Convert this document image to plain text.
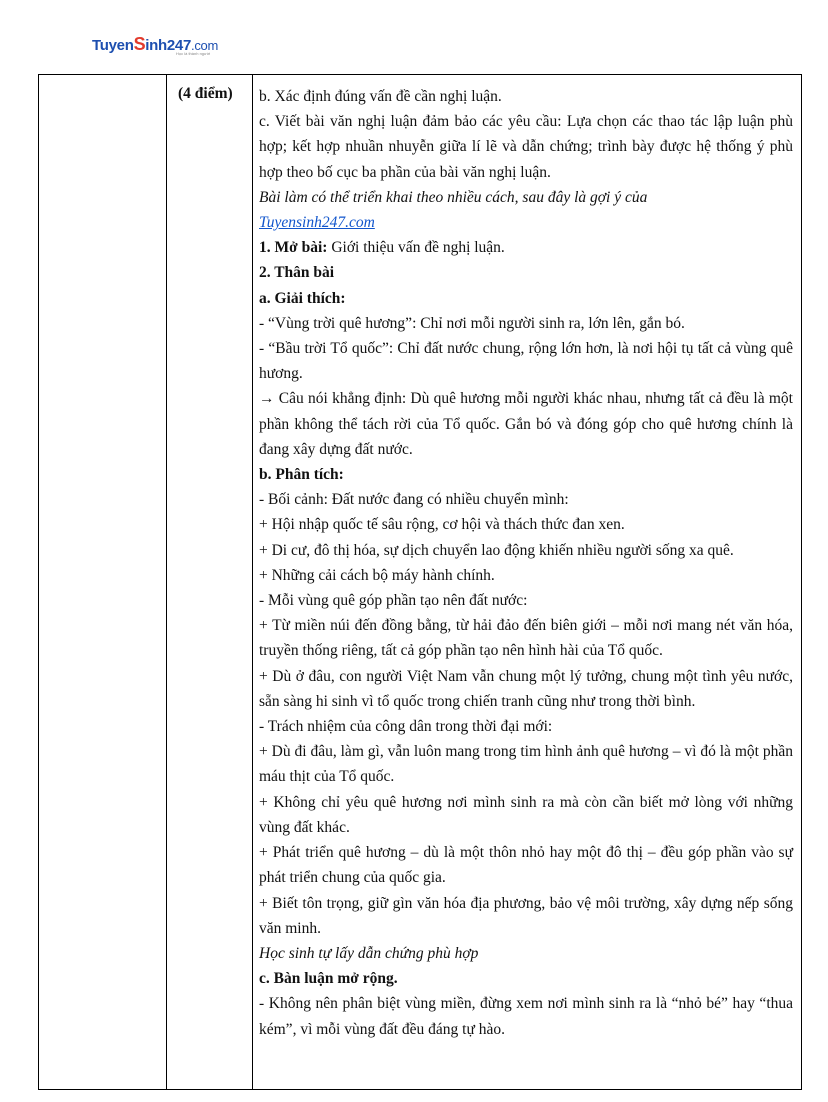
TuyenSinh247.com
Học là thành người

(4 điểm)	b. Xác định đúng vấn đề cần nghị luận.

c. Viết bài văn nghị luận đảm bảo các yêu cầu: Lựa chọn các thao tác lập luận phù hợp; kết hợp nhuần nhuyễn giữa lí lẽ và dẫn chứng; trình bày được hệ thống ý phù hợp theo bố cục ba phần của bài văn nghị luận.

Bài làm có thể triển khai theo nhiều cách, sau đây là gợi ý của

Tuyensinh247.com

1. Mở bài: Giới thiệu vấn đề nghị luận.

2. Thân bài

a. Giải thích:

- “Vùng trời quê hương”: Chỉ nơi mỗi người sinh ra, lớn lên, gắn bó.

- “Bầu trời Tổ quốc”: Chỉ đất nước chung, rộng lớn hơn, là nơi hội tụ tất cả vùng quê hương.

→ Câu nói khẳng định: Dù quê hương mỗi người khác nhau, nhưng tất cả đều là một phần không thể tách rời của Tổ quốc. Gắn bó và đóng góp cho quê hương chính là đang xây dựng đất nước.

b. Phân tích:

- Bối cảnh: Đất nước đang có nhiều chuyển mình:

+ Hội nhập quốc tế sâu rộng, cơ hội và thách thức đan xen.

+ Di cư, đô thị hóa, sự dịch chuyển lao động khiến nhiều người sống xa quê.

+ Những cải cách bộ máy hành chính.

- Mỗi vùng quê góp phần tạo nên đất nước:

+ Từ miền núi đến đồng bằng, từ hải đảo đến biên giới – mỗi nơi mang nét văn hóa, truyền thống riêng, tất cả góp phần tạo nên hình hài của Tổ quốc.

+ Dù ở đâu, con người Việt Nam vẫn chung một lý tưởng, chung một tình yêu nước, sẵn sàng hi sinh vì tổ quốc trong chiến tranh cũng như trong thời bình.

- Trách nhiệm của công dân trong thời đại mới:

+ Dù đi đâu, làm gì, vẫn luôn mang trong tim hình ảnh quê hương – vì đó là một phần máu thịt của Tổ quốc.

+ Không chỉ yêu quê hương nơi mình sinh ra mà còn cần biết mở lòng với những vùng đất khác.

+ Phát triển quê hương – dù là một thôn nhỏ hay một đô thị – đều góp phần vào sự phát triển chung của quốc gia.

+ Biết tôn trọng, giữ gìn văn hóa địa phương, bảo vệ môi trường, xây dựng nếp sống văn minh.

Học sinh tự lấy dẫn chứng phù hợp

c. Bàn luận mở rộng.

- Không nên phân biệt vùng miền, đừng xem nơi mình sinh ra là “nhỏ bé” hay “thua kém”, vì mỗi vùng đất đều đáng tự hào.
